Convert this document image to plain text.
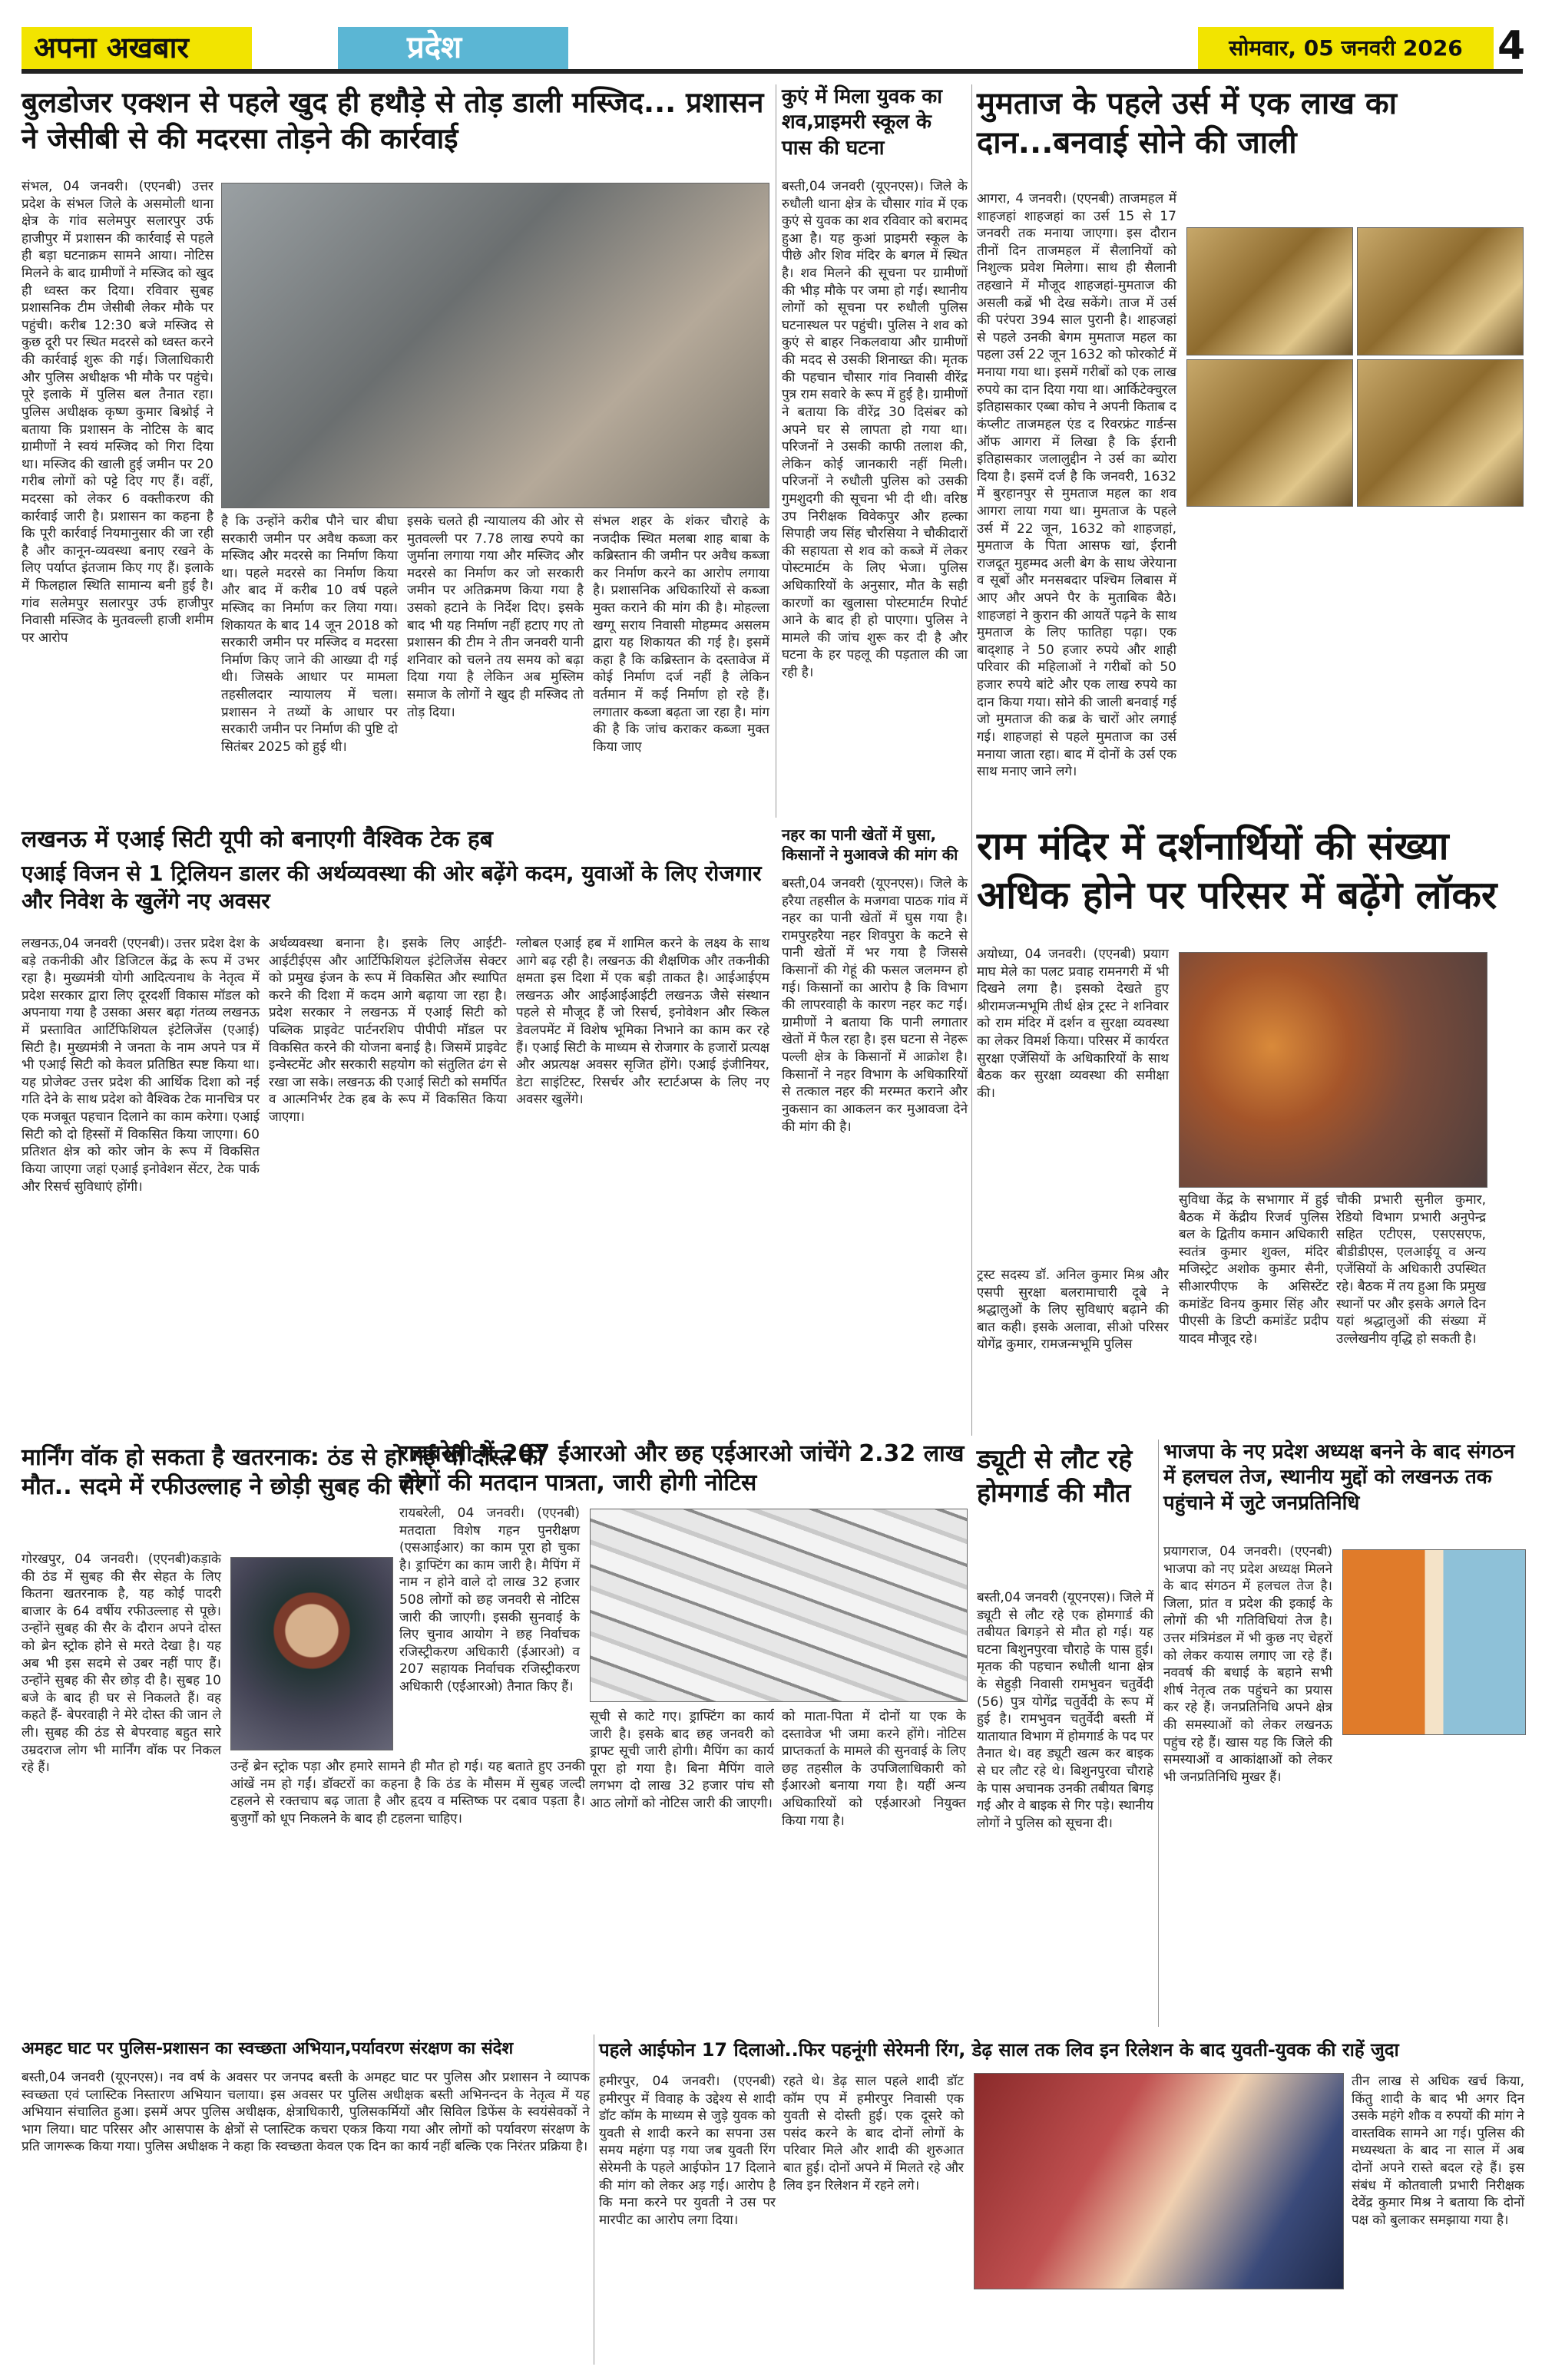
अपना अखबार	प्रदेश	सोमवार, 05 जनवरी 2026 4
बुलडोजर एक्शन से पहले खुद ही हथौड़े से तोड़ डाली मस्जिद... प्रशासन ने जेसीबी से की मदरसा तोड़ने की कार्रवाई
संभल, 04 जनवरी। (एएनबी) उत्तर प्रदेश के संभल जिले के असमोली थाना क्षेत्र के गांव सलेमपुर सलारपुर उर्फ हाजीपुर में प्रशासन की कार्रवाई से पहले ही बड़ा घटनाक्रम सामने आया। नोटिस मिलने के बाद ग्रामीणों ने मस्जिद को खुद ही ध्वस्त कर दिया। रविवार सुबह प्रशासनिक टीम जेसीबी लेकर मौके पर पहुंची। करीब 12:30 बजे मस्जिद से कुछ दूरी पर स्थित मदरसे को ध्वस्त करने की कार्रवाई शुरू की गई। जिलाधिकारी और पुलिस अधीक्षक भी मौके पर पहुंचे। पूरे इलाके में पुलिस बल तैनात रहा। पुलिस अधीक्षक कृष्ण कुमार बिश्नोई ने बताया कि प्रशासन के नोटिस के बाद ग्रामीणों ने स्वयं मस्जिद को गिरा दिया था। मस्जिद की खाली हुई जमीन पर 20 गरीब लोगों को पट्टे दिए गए हैं। वहीं, मदरसा को लेकर 6 वक्तीकरण की कार्रवाई जारी है। प्रशासन का कहना है कि पूरी कार्रवाई नियमानुसार की जा रही है और कानून-व्यवस्था बनाए रखने के लिए पर्याप्त इंतजाम किए गए हैं। इलाके में फिलहाल स्थिति सामान्य बनी हुई है। गांव सलेमपुर सलारपुर उर्फ हाजीपुर निवासी मस्जिद के मुतवल्ली हाजी शमीम पर आरोप
है कि उन्होंने करीब पौने चार बीघा सरकारी जमीन पर अवैध कब्जा कर मस्जिद और मदरसे का निर्माण किया था। पहले मदरसे का निर्माण किया और बाद में करीब 10 वर्ष पहले मस्जिद का निर्माण कर लिया गया। शिकायत के बाद 14 जून 2018 को सरकारी जमीन पर मस्जिद व मदरसा निर्माण किए जाने की आख्या दी गई थी। जिसके आधार पर मामला तहसीलदार न्यायालय में चला। प्रशासन ने तथ्यों के आधार पर सरकारी जमीन पर निर्माण की पुष्टि दो सितंबर 2025 को हुई थी।
इसके चलते ही न्यायालय की ओर से मुतवल्ली पर 7.78 लाख रुपये का जुर्माना लगाया गया और मस्जिद और मदरसे का निर्माण कर जो सरकारी जमीन पर अतिक्रमण किया गया है उसको हटाने के निर्देश दिए। इसके बाद भी यह निर्माण नहीं हटाए गए तो प्रशासन की टीम ने तीन जनवरी यानी शनिवार को चलने तय समय को बढ़ा दिया गया है लेकिन अब मुस्लिम समाज के लोगों ने खुद ही मस्जिद तो तोड़ दिया।
संभल शहर के शंकर चौराहे के नजदीक स्थित मलबा शाह बाबा के कब्रिस्तान की जमीन पर अवैध कब्जा कर निर्माण करने का आरोप लगाया है। प्रशासनिक अधिकारियों से कब्जा मुक्त कराने की मांग की है। मोहल्ला खग्गू सराय निवासी मोहम्मद असलम द्वारा यह शिकायत की गई है। इसमें कहा है कि कब्रिस्तान के दस्तावेज में कोई निर्माण दर्ज नहीं है लेकिन वर्तमान में कई निर्माण हो रहे हैं। लगातार कब्जा बढ़ता जा रहा है। मांग की है कि जांच कराकर कब्जा मुक्त किया जाए
कुएं में मिला युवक का शव,प्राइमरी स्कूल के पास की घटना
बस्ती,04 जनवरी (यूएनएस)। जिले के रुधौली थाना क्षेत्र के चौसार गांव में एक कुएं से युवक का शव रविवार को बरामद हुआ है। यह कुआं प्राइमरी स्कूल के पीछे और शिव मंदिर के बगल में स्थित है। शव मिलने की सूचना पर ग्रामीणों की भीड़ मौके पर जमा हो गई। स्थानीय लोगों को सूचना पर रुधौली पुलिस घटनास्थल पर पहुंची। पुलिस ने शव को कुएं से बाहर निकलवाया और ग्रामीणों की मदद से उसकी शिनाख्त की। मृतक की पहचान चौसार गांव निवासी वीरेंद्र पुत्र राम सवारे के रूप में हुई है। ग्रामीणों ने बताया कि वीरेंद्र 30 दिसंबर को अपने घर से लापता हो गया था। परिजनों ने उसकी काफी तलाश की, लेकिन कोई जानकारी नहीं मिली। परिजनों ने रुधौली पुलिस को उसकी गुमशुदगी की सूचना भी दी थी। वरिष्ठ उप निरीक्षक विवेकपुर और हल्का सिपाही जय सिंह चौरसिया ने चौकीदारों की सहायता से शव को कब्जे में लेकर पोस्टमार्टम के लिए भेजा। पुलिस अधिकारियों के अनुसार, मौत के सही कारणों का खुलासा पोस्टमार्टम रिपोर्ट आने के बाद ही हो पाएगा। पुलिस ने मामले की जांच शुरू कर दी है और घटना के हर पहलू की पड़ताल की जा रही है।
मुमताज के पहले उर्स में एक लाख का दान...बनवाई सोने की जाली
आगरा, 4 जनवरी। (एएनबी) ताजमहल में शाहजहां शाहजहां का उर्स 15 से 17 जनवरी तक मनाया जाएगा। इस दौरान तीनों दिन ताजमहल में सैलानियों को निशुल्क प्रवेश मिलेगा। साथ ही सैलानी तहखाने में मौजूद शाहजहां-मुमताज की असली कब्रें भी देख सकेंगे। ताज में उर्स की परंपरा 394 साल पुरानी है। शाहजहां से पहले उनकी बेगम मुमताज महल का पहला उर्स 22 जून 1632 को फोरकोर्ट में मनाया गया था। इसमें गरीबों को एक लाख रुपये का दान दिया गया था। आर्किटेक्चुरल इतिहासकार एब्बा कोच ने अपनी किताब द कंप्लीट ताजमहल एंड द रिवरफ्रंट गार्डन्स ऑफ आगरा में लिखा है कि ईरानी इतिहासकार जलालुद्दीन ने उर्स का ब्योरा दिया है। इसमें दर्ज है कि जनवरी, 1632 में बुरहानपुर से मुमताज महल का शव आगरा लाया गया था। मुमताज के पहले उर्स में 22 जून, 1632 को शाहजहां, मुमताज के पिता आसफ खां, ईरानी राजदूत मुहम्मद अली बेग के साथ जेरेयाना व सूबों और मनसबदार पश्चिम लिबास में आए और अपने पैर के मुताबिक बैठे। शाहजहां ने कुरान की आयतें पढ़ने के साथ मुमताज के लिए फातिहा पढ़ा। एक बाद्शाह ने 50 हजार रुपये और शाही परिवार की महिलाओं ने गरीबों को 50 हजार रुपये बांटे और एक लाख रुपये का दान किया गया। सोने की जाली बनवाई गई जो मुमताज की कब्र के चारों ओर लगाई गई। शाहजहां से पहले मुमताज का उर्स मनाया जाता रहा। बाद में दोनों के उर्स एक साथ मनाए जाने लगे।
लखनऊ में एआई सिटी यूपी को बनाएगी वैश्विक टेक हब
एआई विजन से 1 ट्रिलियन डालर की अर्थव्यवस्था की ओर बढ़ेंगे कदम, युवाओं के लिए रोजगार और निवेश के खुलेंगे नए अवसर
लखनऊ,04 जनवरी (एएनबी)। उत्तर प्रदेश देश के बड़े तकनीकी और डिजिटल केंद्र के रूप में उभर रहा है। मुख्यमंत्री योगी आदित्यनाथ के नेतृत्व में प्रदेश सरकार द्वारा लिए दूरदर्शी विकास मॉडल को अपनाया गया है उसका असर बढ़ा गंतव्य लखनऊ में प्रस्तावित आर्टिफिशियल इंटेलिजेंस (एआई) सिटी है। मुख्यमंत्री ने जनता के नाम अपने पत्र में भी एआई सिटी को केवल प्रतिष्ठित स्पष्ट किया था। यह प्रोजेक्ट उत्तर प्रदेश की आर्थिक दिशा को नई गति देने के साथ प्रदेश को वैश्विक टेक मानचित्र पर एक मजबूत पहचान दिलाने का काम करेगा। एआई सिटी को दो हिस्सों में विकसित किया जाएगा। 60 प्रतिशत क्षेत्र को कोर जोन के रूप में विकसित किया जाएगा जहां एआई इनोवेशन सेंटर, टेक पार्क और रिसर्च सुविधाएं होंगी।
अर्थव्यवस्था बनाना है। इसके लिए आईटी-आईटीईएस और आर्टिफिशियल इंटेलिजेंस सेक्टर को प्रमुख इंजन के रूप में विकसित और स्थापित करने की दिशा में कदम आगे बढ़ाया जा रहा है। प्रदेश सरकार ने लखनऊ में एआई सिटी को पब्लिक प्राइवेट पार्टनरशिप पीपीपी मॉडल पर विकसित करने की योजना बनाई है। जिसमें प्राइवेट इन्वेस्टमेंट और सरकारी सहयोग को संतुलित ढंग से रखा जा सके। लखनऊ की एआई सिटी को समर्पित व आत्मनिर्भर टेक हब के रूप में विकसित किया जाएगा।
ग्लोबल एआई हब में शामिल करने के लक्ष्य के साथ आगे बढ़ रही है। लखनऊ की शैक्षणिक और तकनीकी क्षमता इस दिशा में एक बड़ी ताकत है। आईआईएम लखनऊ और आईआईआईटी लखनऊ जैसे संस्थान पहले से मौजूद हैं जो रिसर्च, इनोवेशन और स्किल डेवलपमेंट में विशेष भूमिका निभाने का काम कर रहे हैं। एआई सिटी के माध्यम से रोजगार के हजारों प्रत्यक्ष और अप्रत्यक्ष अवसर सृजित होंगे। एआई इंजीनियर, डेटा साइंटिस्ट, रिसर्चर और स्टार्टअप्स के लिए नए अवसर खुलेंगे।
नहर का पानी खेतों में घुसा, किसानों ने मुआवजे की मांग की
बस्ती,04 जनवरी (यूएनएस)। जिले के हरैया तहसील के मजगवा पाठक गांव में नहर का पानी खेतों में घुस गया है। रामपुरहरैया नहर शिवपुरा के कटने से पानी खेतों में भर गया है जिससे किसानों की गेहूं की फसल जलमग्न हो गई। किसानों का आरोप है कि विभाग की लापरवाही के कारण नहर कट गई। ग्रामीणों ने बताया कि पानी लगातार खेतों में फैल रहा है। इस घटना से नेहरू पल्ली क्षेत्र के किसानों में आक्रोश है। किसानों ने नहर विभाग के अधिकारियों से तत्काल नहर की मरम्मत कराने और नुकसान का आकलन कर मुआवजा देने की मांग की है।
राम मंदिर में दर्शनार्थियों की संख्या अधिक होने पर परिसर में बढ़ेंगे लॉकर
अयोध्या, 04 जनवरी। (एएनबी) प्रयाग माघ मेले का पलट प्रवाह रामनगरी में भी दिखने लगा है। इसको देखते हुए श्रीरामजन्मभूमि तीर्थ क्षेत्र ट्रस्ट ने शनिवार को राम मंदिर में दर्शन व सुरक्षा व्यवस्था का लेकर विमर्श किया। परिसर में कार्यरत सुरक्षा एजेंसियों के अधिकारियों के साथ बैठक कर सुरक्षा व्यवस्था की समीक्षा की।
सुविधा केंद्र के सभागार में हुई बैठक में केंद्रीय रिजर्व पुलिस बल के द्वितीय कमान अधिकारी स्वतंत्र कुमार शुक्ल, मंदिर मजिस्ट्रेट अशोक कुमार सैनी, सीआरपीएफ के असिस्टेंट कमांडेंट विनय कुमार सिंह और पीएसी के डिप्टी कमांडेंट प्रदीप यादव मौजूद रहे।
चौकी प्रभारी सुनील कुमार, रेडियो विभाग प्रभारी अनुपेन्द्र सहित एटीएस, एसएसएफ, बीडीडीएस, एलआईयू व अन्य एजेंसियों के अधिकारी उपस्थित रहे। बैठक में तय हुआ कि प्रमुख स्थानों पर और इसके अगले दिन यहां श्रद्धालुओं की संख्या में उल्लेखनीय वृद्धि हो सकती है।
ट्रस्ट सदस्य डॉ. अनिल कुमार मिश्र और एसपी सुरक्षा बलरामाचारी दूबे ने श्रद्धालुओं के लिए सुविधाएं बढ़ाने की बात कही। इसके अलावा, सीओ परिसर योगेंद्र कुमार, रामजन्मभूमि पुलिस
मार्निंग वॉक हो सकता है खतरनाक: ठंड से हो गई थी दोस्त की मौत.. सदमे में रफीउल्लाह ने छोड़ी सुबह की सैर
गोरखपुर, 04 जनवरी। (एएनबी)कड़ाके की ठंड में सुबह की सैर सेहत के लिए कितना खतरनाक है, यह कोई पादरी बाजार के 64 वर्षीय रफीउल्लाह से पूछे। उन्होंने सुबह की सैर के दौरान अपने दोस्त को ब्रेन स्ट्रोक होने से मरते देखा है। यह अब भी इस सदमे से उबर नहीं पाए हैं। उन्होंने सुबह की सैर छोड़ दी है। सुबह 10 बजे के बाद ही घर से निकलते हैं। वह कहते हैं- बेपरवाही ने मेरे दोस्त की जान ले ली। सुबह की ठंड से बेपरवाह बहुत सारे उम्रदराज लोग भी मार्निंग वॉक पर निकल रहे हैं।	उन्हें ब्रेन स्ट्रोक पड़ा और हमारे सामने ही मौत हो गई। यह बताते हुए उनकी आंखें नम हो गईं। डॉक्टरों का कहना है कि ठंड के मौसम में सुबह जल्दी टहलने से रक्तचाप बढ़ जाता है और हृदय व मस्तिष्क पर दबाव पड़ता है। बुजुर्गों को धूप निकलने के बाद ही टहलना चाहिए।
रायबरेली में 207 ईआरओ और छह एईआरओ जांचेंगे 2.32 लाख लोगों की मतदान पात्रता, जारी होगी नोटिस
रायबरेली, 04 जनवरी। (एएनबी) मतदाता विशेष गहन पुनरीक्षण (एसआईआर) का काम पूरा हो चुका है। ड्राफ्टिंग का काम जारी है। मैपिंग में नाम न होने वाले दो लाख 32 हजार 508 लोगों को छह जनवरी से नोटिस जारी की जाएगी। इसकी सुनवाई के लिए चुनाव आयोग ने छह निर्वाचक रजिस्ट्रीकरण अधिकारी (ईआरओ) व 207 सहायक निर्वाचक रजिस्ट्रीकरण अधिकारी (एईआरओ) तैनात किए हैं।
सूची से काटे गए। ड्राफ्टिंग का कार्य जारी है। इसके बाद छह जनवरी को ड्राफ्ट सूची जारी होगी। मैपिंग का कार्य पूरा हो गया है। बिना मैपिंग वाले लगभग दो लाख 32 हजार पांच सौ आठ लोगों को नोटिस जारी की जाएगी।
को माता-पिता में दोनों या एक के दस्तावेज भी जमा करने होंगे। नोटिस प्राप्तकर्ता के मामले की सुनवाई के लिए छह तहसील के उपजिलाधिकारी को ईआरओ बनाया गया है। यहीं अन्य अधिकारियों को एईआरओ नियुक्त किया गया है।
ड्यूटी से लौट रहे होमगार्ड की मौत
बस्ती,04 जनवरी (यूएनएस)। जिले में ड्यूटी से लौट रहे एक होमगार्ड की तबीयत बिगड़ने से मौत हो गई। यह घटना बिशुनपुरवा चौराहे के पास हुई। मृतक की पहचान रुधौली थाना क्षेत्र के सेहुड़ी निवासी रामभुवन चतुर्वेदी (56) पुत्र योगेंद्र चतुर्वेदी के रूप में हुई है। रामभुवन चतुर्वेदी बस्ती में यातायात विभाग में होमगार्ड के पद पर तैनात थे। वह ड्यूटी खत्म कर बाइक से घर लौट रहे थे। बिशुनपुरवा चौराहे के पास अचानक उनकी तबीयत बिगड़ गई और वे बाइक से गिर पड़े। स्थानीय लोगों ने पुलिस को सूचना दी।
भाजपा के नए प्रदेश अध्यक्ष बनने के बाद संगठन में हलचल तेज, स्थानीय मुद्दों को लखनऊ तक पहुंचाने में जुटे जनप्रतिनिधि
प्रयागराज, 04 जनवरी। (एएनबी) भाजपा को नए प्रदेश अध्यक्ष मिलने के बाद संगठन में हलचल तेज है। जिला, प्रांत व प्रदेश की इकाई के लोगों की भी गतिविधियां तेज है। उत्तर मंत्रिमंडल में भी कुछ नए चेहरों को लेकर कयास लगाए जा रहे हैं। नववर्ष की बधाई के बहाने सभी शीर्ष नेतृत्व तक पहुंचने का प्रयास कर रहे हैं। जनप्रतिनिधि अपने क्षेत्र की समस्याओं को लेकर लखनऊ पहुंच रहे हैं। खास यह कि जिले की समस्याओं व आकांक्षाओं को लेकर भी जनप्रतिनिधि मुखर हैं।
अमहट घाट पर पुलिस-प्रशासन का स्वच्छता अभियान,पर्यावरण संरक्षण का संदेश
बस्ती,04 जनवरी (यूएनएस)। नव वर्ष के अवसर पर जनपद बस्ती के अमहट घाट पर पुलिस और प्रशासन ने व्यापक स्वच्छता एवं प्लास्टिक निस्तारण अभियान चलाया। इस अवसर पर पुलिस अधीक्षक बस्ती अभिनन्दन के नेतृत्व में यह अभियान संचालित हुआ। इसमें अपर पुलिस अधीक्षक, क्षेत्राधिकारी, पुलिसकर्मियों और सिविल डिफेंस के स्वयंसेवकों ने भाग लिया। घाट परिसर और आसपास के क्षेत्रों से प्लास्टिक कचरा एकत्र किया गया और लोगों को पर्यावरण संरक्षण के प्रति जागरूक किया गया। पुलिस अधीक्षक ने कहा कि स्वच्छता केवल एक दिन का कार्य नहीं बल्कि एक निरंतर प्रक्रिया है।
पहले आईफोन 17 दिलाओ..फिर पहनूंगी सेरेमनी रिंग, डेढ़ साल तक लिव इन रिलेशन के बाद युवती-युवक की राहें जुदा
हमीरपुर, 04 जनवरी। (एएनबी) हमीरपुर में विवाह के उद्देश्य से शादी डॉट कॉम के माध्यम से जुड़े युवक को युवती से शादी करने का सपना उस समय महंगा पड़ गया जब युवती रिंग सेरेमनी के पहले आईफोन 17 दिलाने की मांग को लेकर अड़ गई। आरोप है कि मना करने पर युवती ने उस पर मारपीट का आरोप लगा दिया।
रहते थे। डेढ़ साल पहले शादी डॉट कॉम एप में हमीरपुर निवासी एक युवती से दोस्ती हुई। एक दूसरे को पसंद करने के बाद दोनों लोगों के परिवार मिले और शादी की शुरुआत बात हुई। दोनों अपने में मिलते रहे और लिव इन रिलेशन में रहने लगे।
तीन लाख से अधिक खर्च किया, किंतु शादी के बाद भी अगर दिन उसके महंगे शौक व रुपयों की मांग ने वास्तविक सामने आ गई। पुलिस की मध्यस्थता के बाद ना साल में अब दोनों अपने रास्ते बदल रहे हैं। इस संबंध में कोतवाली प्रभारी निरीक्षक देवेंद्र कुमार मिश्र ने बताया कि दोनों पक्ष को बुलाकर समझाया गया है।
